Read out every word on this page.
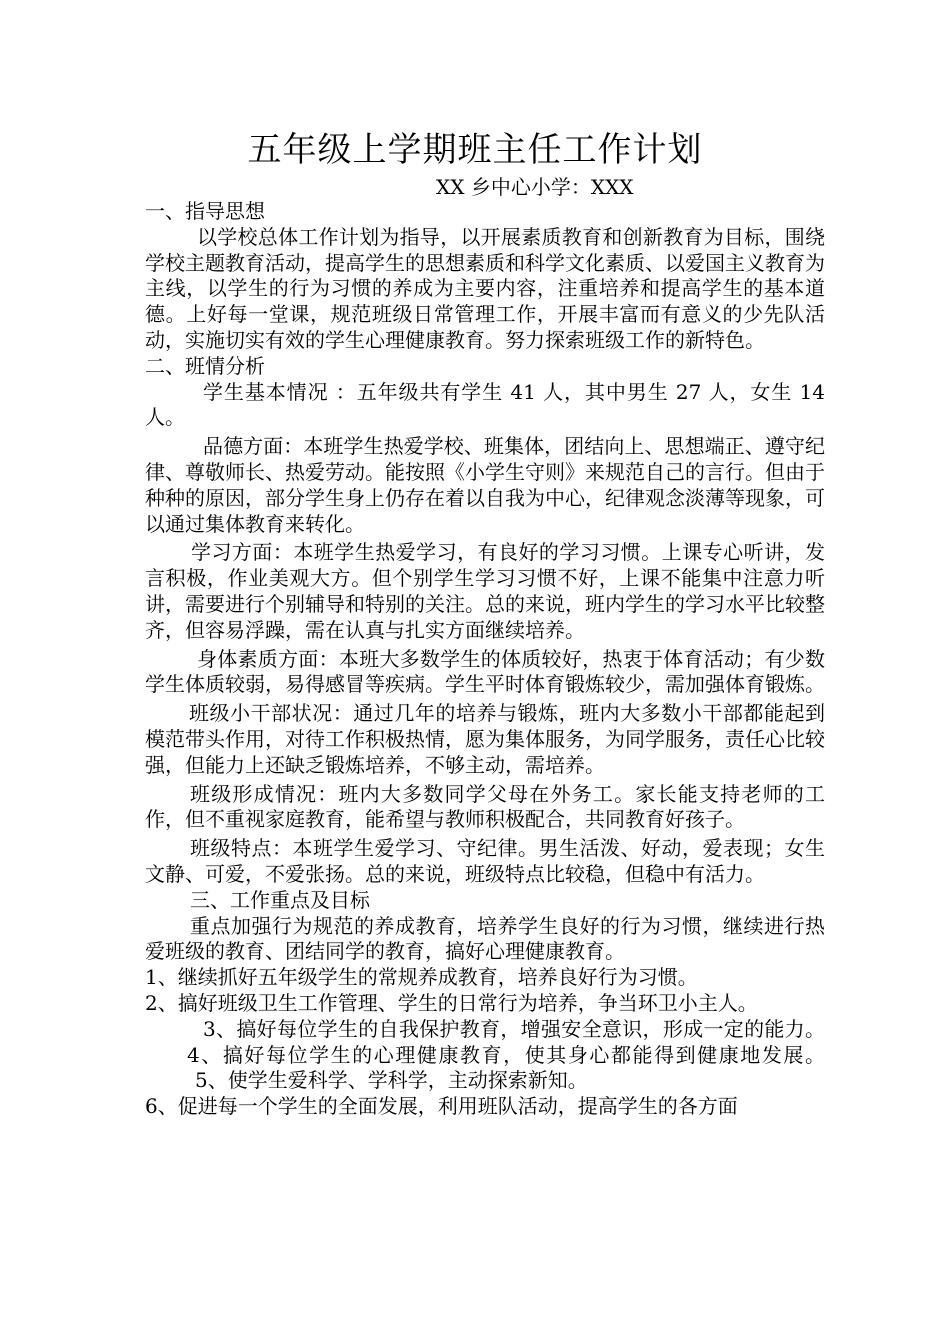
五年级上学期班主任工作计划
XX 乡中心小学：XXX

一、指导思想

以学校总体工作计划为指导，以开展素质教育和创新教育为目标，围绕学校主题教育活动，提高学生的思想素质和科学文化素质、以爱国主义教育为主线，以学生的行为习惯的养成为主要内容，注重培养和提高学生的基本道德。上好每一堂课，规范班级日常管理工作，开展丰富而有意义的少先队活动，实施切实有效的学生心理健康教育。努力探索班级工作的新特色。

二、班情分析

学生基本情况 ：五年级共有学生 41 人，其中男生 27 人，女生 14 人。

品德方面：本班学生热爱学校、班集体，团结向上、思想端正、遵守纪律、尊敬师长、热爱劳动。能按照《小学生守则》来规范自己的言行。但由于种种的原因，部分学生身上仍存在着以自我为中心，纪律观念淡薄等现象，可以通过集体教育来转化。

学习方面：本班学生热爱学习，有良好的学习习惯。上课专心听讲，发言积极，作业美观大方。但个别学生学习习惯不好，上课不能集中注意力听讲，需要进行个别辅导和特别的关注。总的来说，班内学生的学习水平比较整齐，但容易浮躁，需在认真与扎实方面继续培养。

身体素质方面：本班大多数学生的体质较好，热衷于体育活动；有少数学生体质较弱，易得感冒等疾病。学生平时体育锻炼较少，需加强体育锻炼。

班级小干部状况：通过几年的培养与锻炼，班内大多数小干部都能起到模范带头作用，对待工作积极热情，愿为集体服务，为同学服务，责任心比较强，但能力上还缺乏锻炼培养，不够主动，需培养。

班级形成情况：班内大多数同学父母在外务工。家长能支持老师的工作，但不重视家庭教育，能希望与教师积极配合，共同教育好孩子。

班级特点：本班学生爱学习、守纪律。男生活泼、好动，爱表现；女生文静、可爱，不爱张扬。总的来说，班级特点比较稳，但稳中有活力。

三、工作重点及目标

重点加强行为规范的养成教育，培养学生良好的行为习惯，继续进行热爱班级的教育、团结同学的教育，搞好心理健康教育。

1、继续抓好五年级学生的常规养成教育，培养良好行为习惯。

2、搞好班级卫生工作管理、学生的日常行为培养，争当环卫小主人。

3、搞好每位学生的自我保护教育，增强安全意识，形成一定的能力。4、搞好每位学生的心理健康教育，使其身心都能得到健康地发展。5、使学生爱科学、学科学，主动探索新知。

6、促进每一个学生的全面发展，利用班队活动，提高学生的各方面
